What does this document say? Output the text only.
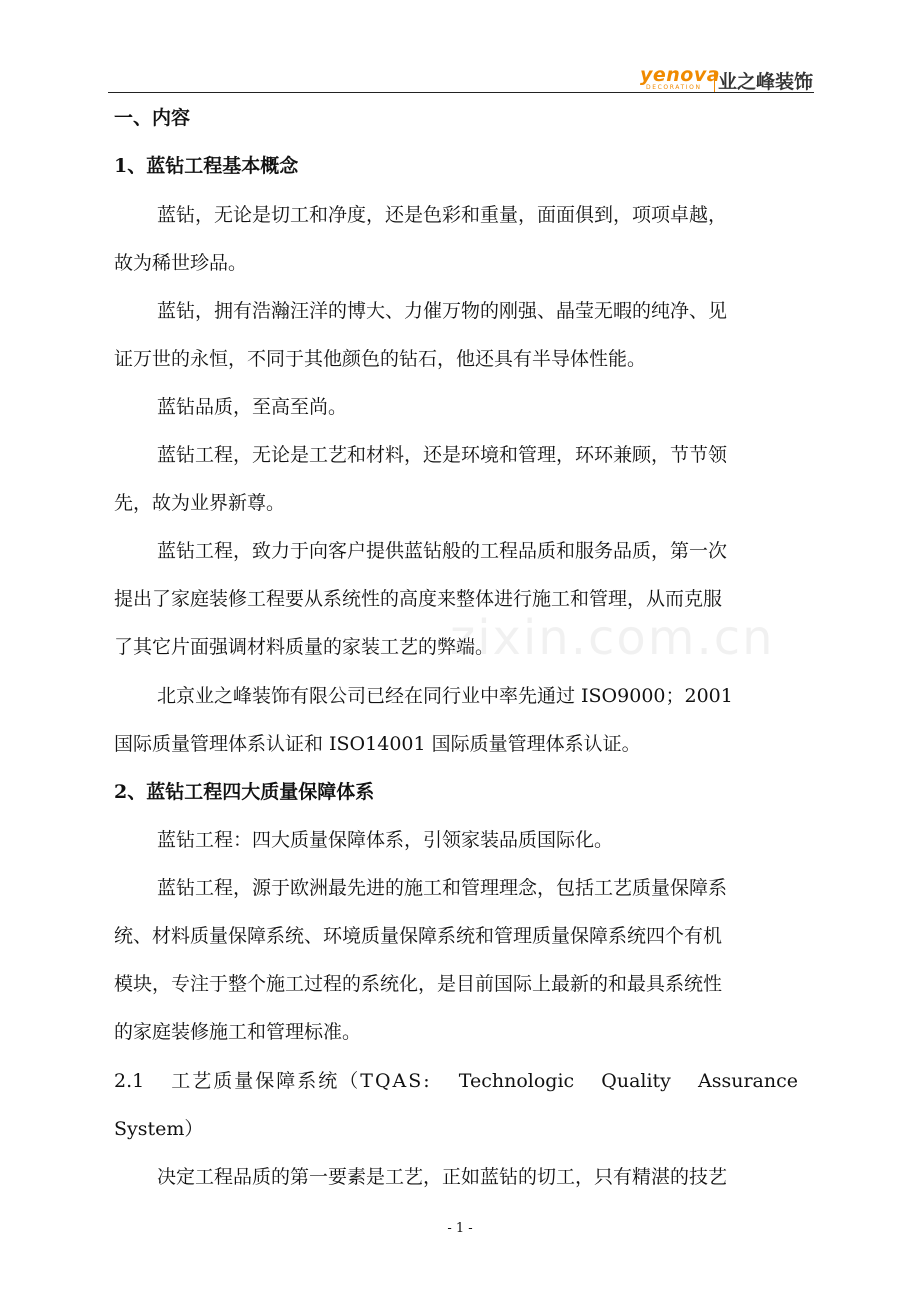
yenova
DECORATION 业之峰装饰
zixin.com.cn
一、内容
1、蓝钻工程基本概念
蓝钻，无论是切工和净度，还是色彩和重量，面面俱到，项项卓越，
故为稀世珍品。
蓝钻，拥有浩瀚汪洋的博大、力催万物的刚强、晶莹无暇的纯净、见
证万世的永恒，不同于其他颜色的钻石，他还具有半导体性能。
蓝钻品质，至高至尚。
蓝钻工程，无论是工艺和材料，还是环境和管理，环环兼顾，节节领
先，故为业界新尊。
蓝钻工程，致力于向客户提供蓝钻般的工程品质和服务品质，第一次
提出了家庭装修工程要从系统性的高度来整体进行施工和管理，从而克服
了其它片面强调材料质量的家装工艺的弊端。
北京业之峰装饰有限公司已经在同行业中率先通过 ISO9000；2001
国际质量管理体系认证和 ISO14001 国际质量管理体系认证。
2、蓝钻工程四大质量保障体系
蓝钻工程：四大质量保障体系，引领家装品质国际化。
蓝钻工程，源于欧洲最先进的施工和管理理念，包括工艺质量保障系
统、材料质量保障系统、环境质量保障系统和管理质量保障系统四个有机
模块，专注于整个施工过程的系统化，是目前国际上最新的和最具系统性
的家庭装修施工和管理标准。
2.1 工艺质量保障系统（TQAS: Technologic Quality Assurance
System）
决定工程品质的第一要素是工艺，正如蓝钻的切工，只有精湛的技艺
- 1 -
